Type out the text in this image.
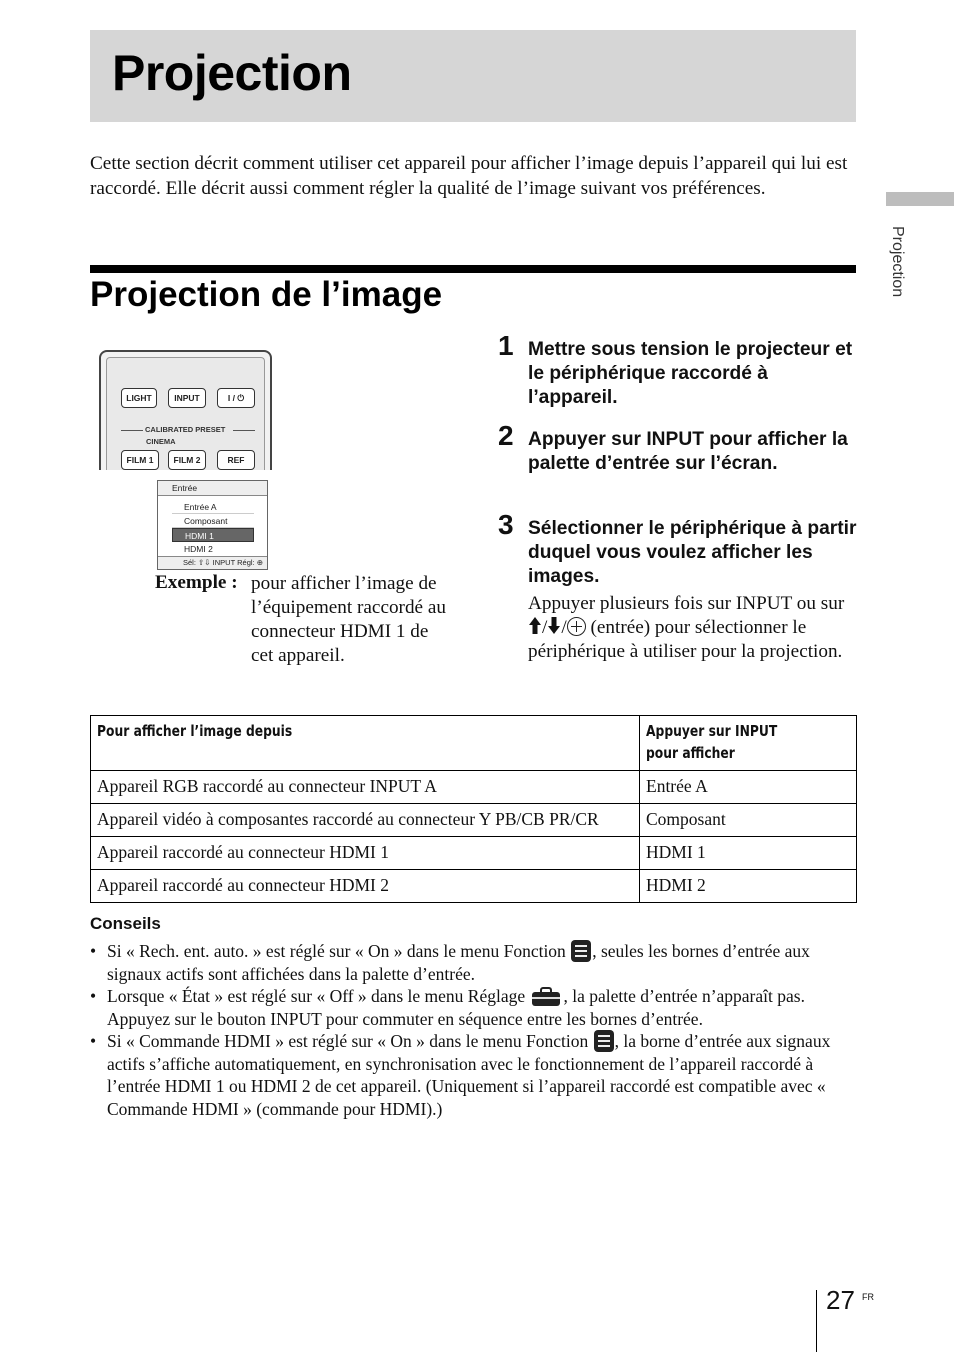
Projection
Projection

Cette section décrit comment utiliser cet appareil pour afficher l’image depuis l’appareil qui lui est raccordé. Elle décrit aussi comment régler la qualité de l’image suivant vos préférences.

Projection de l’image
LIGHT	INPUT	I / ⏻
CALIBRATED PRESET
CINEMA
FILM 1	FILM 2	REF
Entrée
Entrée A
Composant
HDMI 1
HDMI 2
Sél: ⇧⇩ INPUT Régl: ⊕
Exemple : pour afficher l’image de l’équipement raccordé au connecteur HDMI 1 de cet appareil.
1 Mettre sous tension le projecteur et le périphérique raccordé à l’appareil.
2 Appuyer sur INPUT pour afficher la palette d’entrée sur l’écran.
3 Sélectionner le périphérique à partir duquel vous voulez afficher les images.
Appuyer plusieurs fois sur INPUT ou sur / / (entrée) pour sélectionner le périphérique à utiliser pour la projection.
Pour afficher l’image depuis	Appuyer sur INPUT pour afficher
Appareil RGB raccordé au connecteur INPUT A	Entrée A
Appareil vidéo à composantes raccordé au connecteur Y PB/CB PR/CR	Composant
Appareil raccordé au connecteur HDMI 1	HDMI 1
Appareil raccordé au connecteur HDMI 2	HDMI 2
Conseils
• Si « Rech. ent. auto. » est réglé sur « On » dans le menu Fonction
, seules les bornes d’entrée aux signaux actifs sont affichées dans la palette d’entrée.
• Lorsque « État » est réglé sur « Off » dans le menu Réglage
, la palette d’entrée n’apparaît pas. Appuyez sur le bouton INPUT pour commuter en séquence entre les bornes d’entrée.
• Si « Commande HDMI » est réglé sur « On » dans le menu Fonction
, la borne d’entrée aux signaux actifs s’affiche automatiquement, en synchronisation avec le fonctionnement de l’appareil raccordé à l’entrée HDMI 1 ou HDMI 2 de cet appareil. (Uniquement si l’appareil raccordé est compatible avec « Commande HDMI » (commande pour HDMI).)
27 FR
